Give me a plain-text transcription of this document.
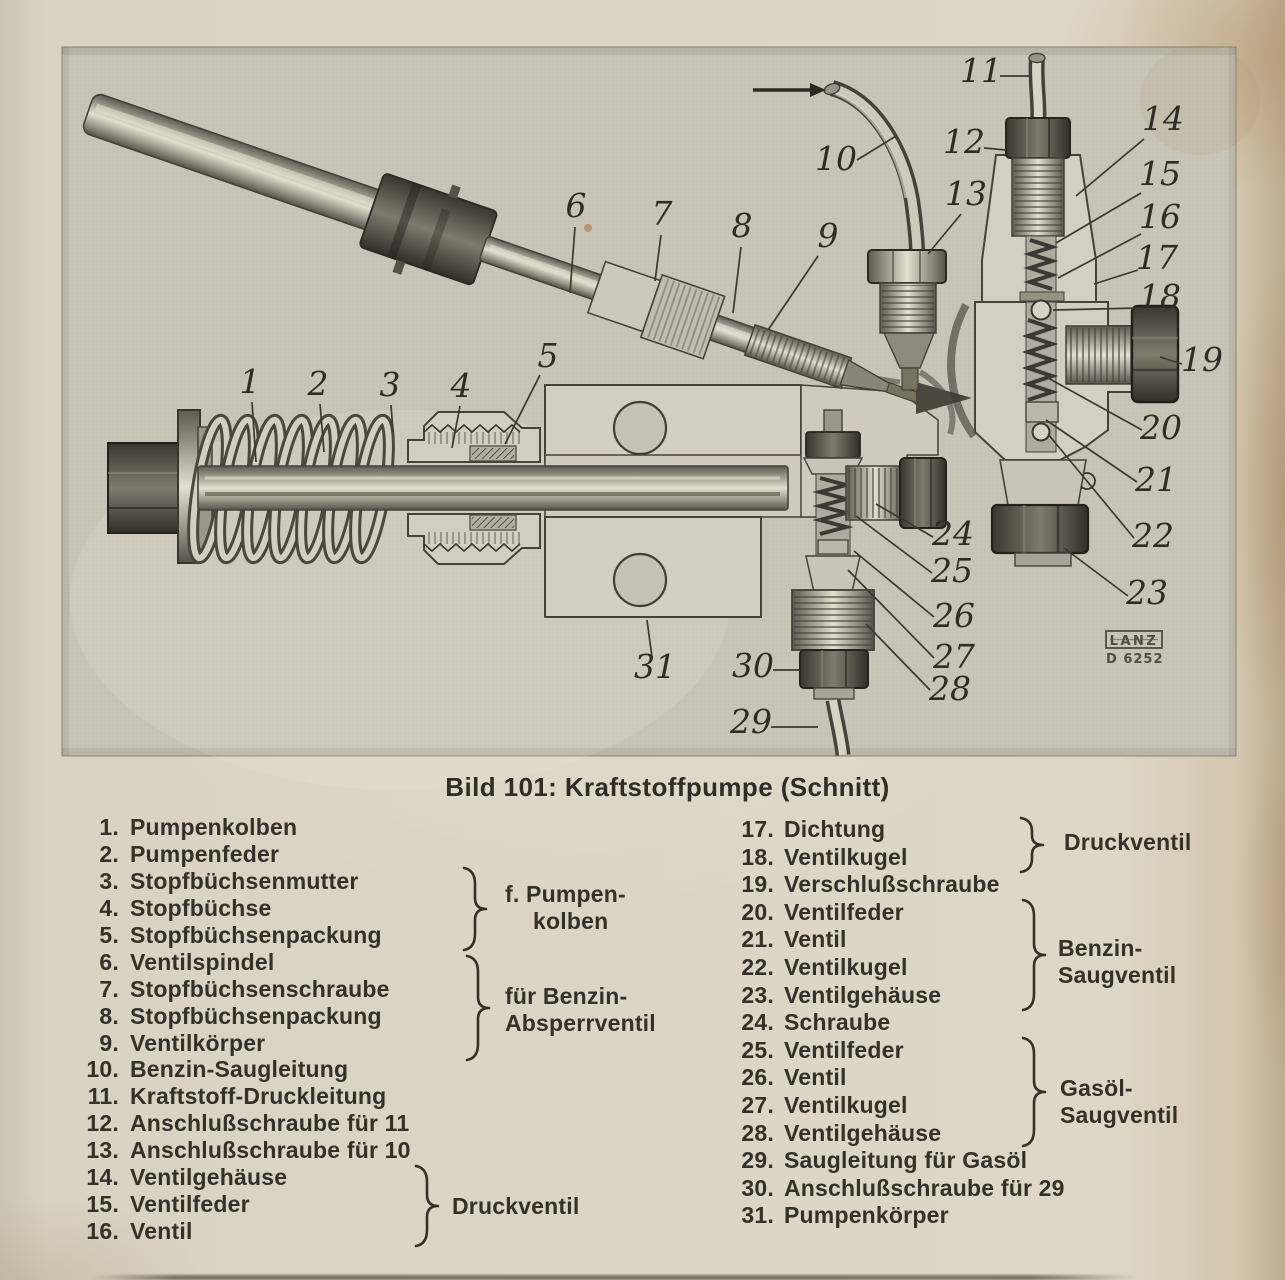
LANZ
D 6252
1 2 3 4
5
6 7 8 9
10
11
12
13
14
15
16
17
18
19
20
21
22
23
24
25
26
27
28
29
30
31
Bild 101: Kraftstoffpumpe (Schnitt)
1. Pumpenkolben
2. Pumpenfeder
3. Stopfbüchsenmutter
4. Stopfbüchse
5. Stopfbüchsenpackung
6. Ventilspindel
7. Stopfbüchsenschraube
8. Stopfbüchsenpackung
9. Ventilkörper
10. Benzin-Saugleitung
11. Kraftstoff-Druckleitung
12. Anschlußschraube für 11
13. Anschlußschraube für 10
14. Ventilgehäuse
15. Ventilfeder
16. Ventil
17. Dichtung
18. Ventilkugel
19. Verschlußschraube
20. Ventilfeder
21. Ventil
22. Ventilkugel
23. Ventilgehäuse
24. Schraube
25. Ventilfeder
26. Ventil
27. Ventilkugel
28. Ventilgehäuse
29. Saugleitung für Gasöl
30. Anschlußschraube für 29
31. Pumpenkörper
f. Pumpen-
kolben
für Benzin-
Absperrventil
Druckventil
Druckventil
Benzin-
Saugventil
Gasöl-
Saugventil
